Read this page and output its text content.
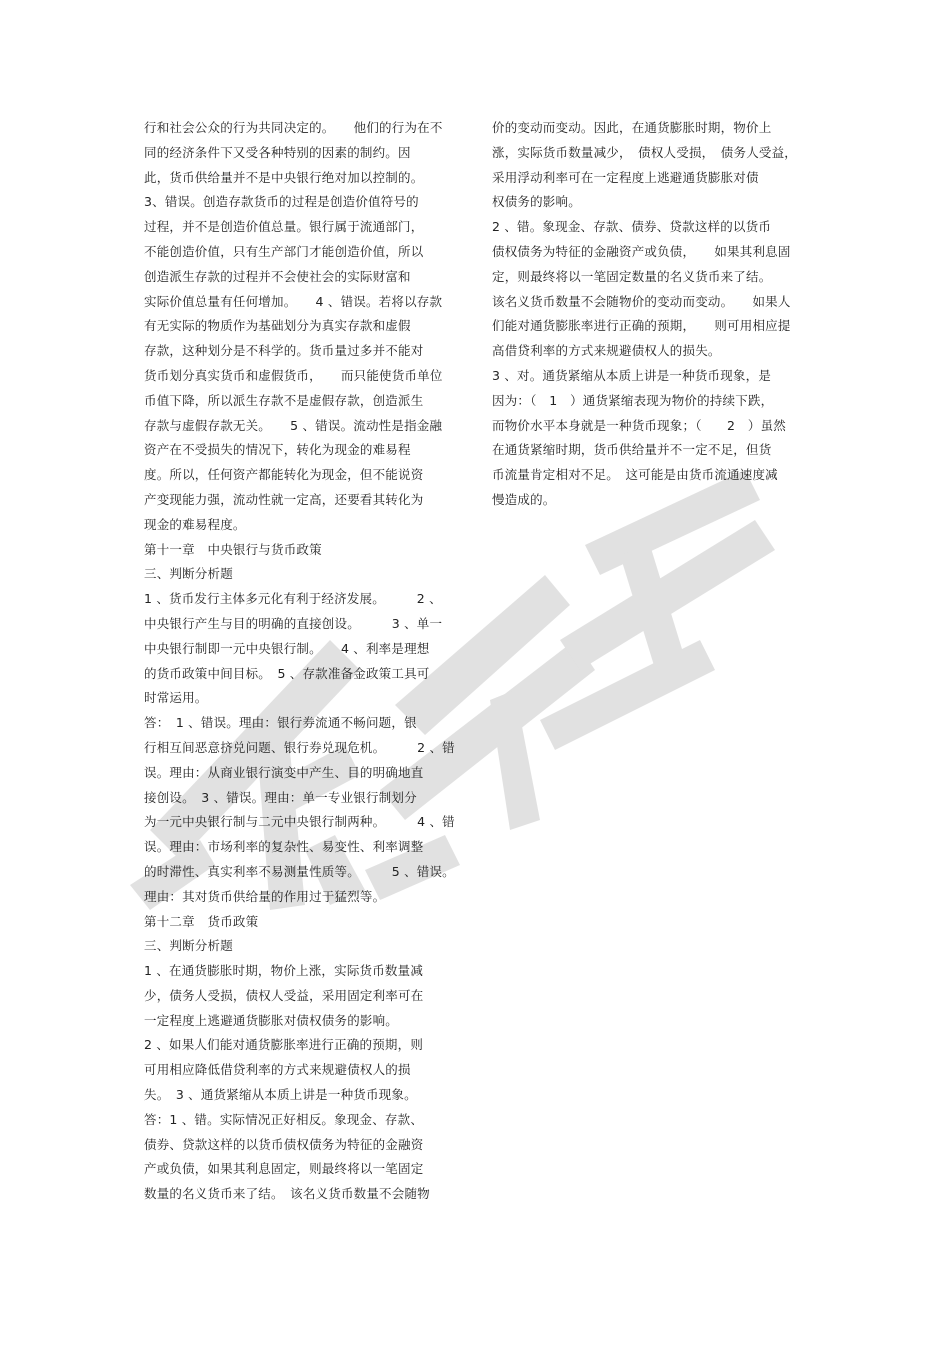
行和社会公众的行为共同决定的。　　他们的行为在不
同的经济条件下又受各种特别的因素的制约。因
此，货币供给量并不是中央银行绝对加以控制的。
3、错误。创造存款货币的过程是创造价值符号的
过程，并不是创造价值总量。银行属于流通部门，
不能创造价值，只有生产部门才能创造价值，所以
创造派生存款的过程并不会使社会的实际财富和
实际价值总量有任何增加。　　4 、错误。若将以存款
有无实际的物质作为基础划分为真实存款和虚假
存款，这种划分是不科学的。货币量过多并不能对
货币划分真实货币和虚假货币，　　而只能使货币单位
币值下降，所以派生存款不是虚假存款，创造派生
存款与虚假存款无关。　　5 、错误。流动性是指金融
资产在不受损失的情况下，转化为现金的难易程
度。所以，任何资产都能转化为现金，但不能说资
产变现能力强，流动性就一定高，还要看其转化为
现金的难易程度。
第十一章　中央银行与货币政策
三、判断分析题
1 、货币发行主体多元化有利于经济发展。　　　2 、
中央银行产生与目的明确的直接创设。　　　3 、单一
中央银行制即一元中央银行制。　　4 、利率是理想
的货币政策中间目标。　5 、存款准备金政策工具可
时常运用。
答：　1 、错误。理由：银行券流通不畅问题，银
行相互间恶意挤兑问题、银行券兑现危机。　　　2 、错
误。理由：从商业银行演变中产生、目的明确地直
接创设。　3 、错误。理由：单一专业银行制划分
为一元中央银行制与二元中央银行制两种。　　　4 、错
误。理由：市场利率的复杂性、易变性、利率调整
的时滞性、真实利率不易测量性质等。　　　5 、错误。
理由：其对货币供给量的作用过于猛烈等。
第十二章　货币政策
三、判断分析题
1 、在通货膨胀时期，物价上涨，实际货币数量减
少，债务人受损，债权人受益，采用固定利率可在
一定程度上逃避通货膨胀对债权债务的影响。
2 、如果人们能对通货膨胀率进行正确的预期，则
可用相应降低借贷利率的方式来规避债权人的损
失。　3 、通货紧缩从本质上讲是一种货币现象。
答：1 、错。实际情况正好相反。象现金、存款、
债券、贷款这样的以货币债权债务为特征的金融资
产或负债，如果其利息固定，则最终将以一笔固定
数量的名义货币来了结。　该名义货币数量不会随物
价的变动而变动。因此，在通货膨胀时期，物价上
涨，实际货币数量减少，　债权人受损，　债务人受益，
采用浮动利率可在一定程度上逃避通货膨胀对债
权债务的影响。
2 、错。象现金、存款、债券、贷款这样的以货币
债权债务为特征的金融资产或负债，　　如果其利息固
定，则最终将以一笔固定数量的名义货币来了结。
该名义货币数量不会随物价的变动而变动。　　如果人
们能对通货膨胀率进行正确的预期，　　则可用相应提
高借贷利率的方式来规避债权人的损失。
3 、对。通货紧缩从本质上讲是一种货币现象，是
因为：（　1　）通货紧缩表现为物价的持续下跌，
而物价水平本身就是一种货币现象；（　　2　）虽然
在通货紧缩时期，货币供给量并不一定不足，但货
币流量肯定相对不足。　这可能是由货币流通速度减
慢造成的。
